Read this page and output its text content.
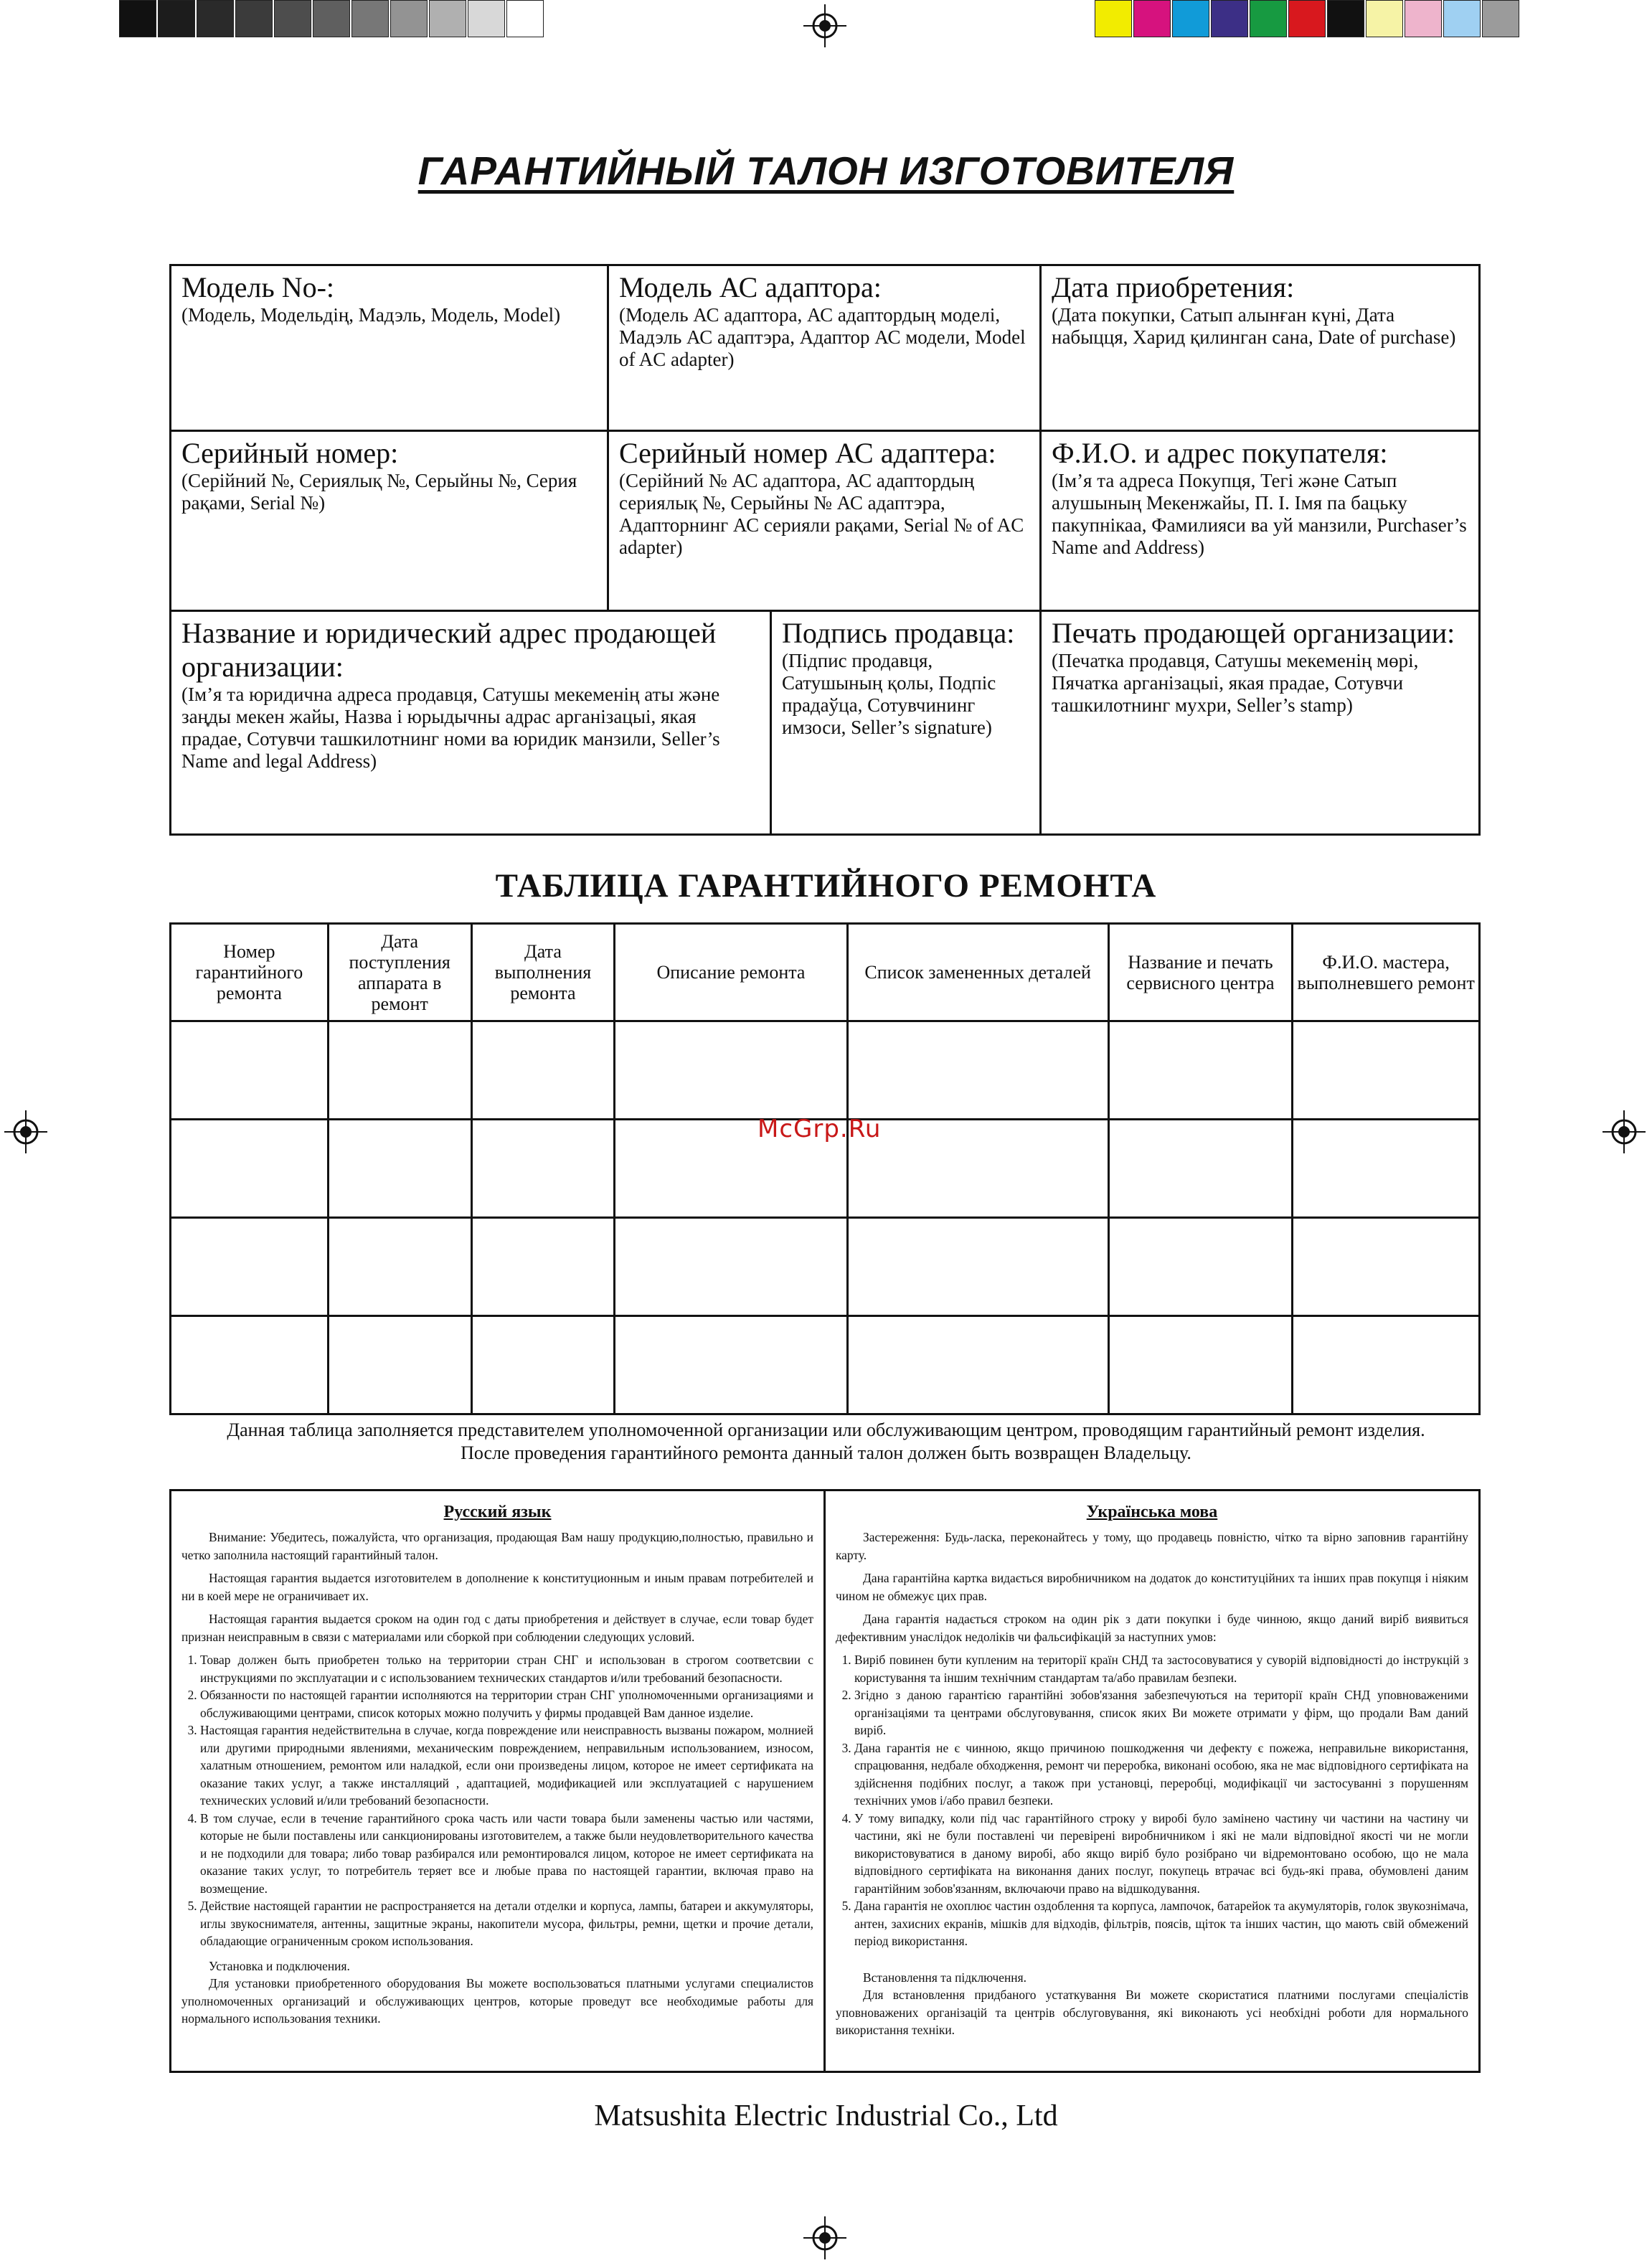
ГАРАНТИЙНЫЙ ТАЛОН ИЗГОТОВИТЕЛЯ
Модель No-:
(Модель, Модельдiң, Мадэль, Модель, Model)
Модель АС адаптора:
(Модель АС адаптора, АС адаптордың моделi, Мадэль АС адаптэра, Адаптор АС модели, Model of AC adapter)
Дата приобретения:
(Дата покупки, Сатып алынған күнi, Дата набыцця, Харид қилинган сана, Date of purchase)
Серийный номер:
(Серійний №, Сериялық №, Серыйны №, Серия рақами, Serial №)
Серийный номер АС адаптера:
(Серійний № АС адаптора, АС адаптордың сериялық №, Серыйны № АС адаптэра, Адапторнинг АС серияли рақами, Serial № of AC adapter)
Ф.И.О. и адрес покупателя:
(Ім’я та адреса Покупця, Тегi және Сатып алушының Мекенжайы, П. І. Імя па бацьку пакупнікаа, Фамилияси ва уй манзили, Purchaser’s Name and Address)
Название и юридический адрес продающей организации:
(Ім’я та юридична адреса продавця, Сатушы мекеменiң аты және заңды мекен жайы, Назва i юрыдычны адрас арганiзацыi, якая прадае, Сотувчи ташкилотнинг номи ва юридик манзили, Seller’s Name and legal Address)
Подпись продавца:
(Підпис продавця, Сатушының қолы, Подпiс прадаўца, Сотувчининг имзоси, Seller’s signature)
Печать продающей организации:
(Печатка продавця, Сатушы мекеменiң мөрi, Пячатка арганiзацыi, якая прадае, Сотувчи ташкилотнинг мухри, Seller’s stamp)
ТАБЛИЦА ГАРАНТИЙНОГО РЕМОНТА
Номер гарантийного ремонта	Дата поступления аппарата в ремонт	Дата выполнения ремонта	Описание ремонта	Список замененных деталей	Название и печать сервисного центра	Ф.И.О. мастера, выполневшего ремонт

McGrp.Ru
Данная таблица заполняется представителем уполномоченной организации или обслуживающим центром, проводящим гарантийный ремонт изделия.
После проведения гарантийного ремонта данный талон должен быть возвращен Владельцу.
Русский язык

Внимание: Убедитесь, пожалуйста, что организация, продающая Вам нашу продукцию,полностью, правильно и четко заполнила настоящий гарантийный талон.

Настоящая гарантия выдается изготовителем в дополнение к конституционным и иным правам потребителей и ни в коей мере не ограничивает их.

Настоящая гарантия выдается сроком на один год с даты приобретения и действует в случае, если товар будет признан неисправным в связи с материалами или сборкой при соблюдении следующих условий.

1. Товар должен быть приобретен только на территории стран СНГ и использован в строгом соответсвии с инструкциями по эксплуатации и с использованием технических стандартов и/или требований безопасности.
2. Обязанности по настоящей гарантии исполняются на территории стран СНГ уполномоченными организациями и обслуживающими центрами, список которых можно получить у фирмы продавцей Вам данное изделие.
3. Настоящая гарантия недействительна в случае, когда повреждение или неисправность вызваны пожаром, молнией или другими природными явлениями, механическим повреждением, неправильным использованием, износом, халатным отношением, ремонтом или наладкой, если они произведены лицом, которое не имеет сертификата на оказание таких услуг, а также инсталляций , адаптацией, модификацией или эксплуатацией с нарушением технических условий и/или требований безопасности.
4. В том случае, если в течение гарантийного срока часть или части товара были заменены частью или частями, которые не были поставлены или санкционированы изготовителем, а также были неудовлетворительного качества и не подходили для товара; либо товар разбирался или ремонтировался лицом, которое не имеет сертификата на оказание таких услуг, то потребитель теряет все и любые права по настоящей гарантии, включая право на возмещение.
5. Действие настоящей гарантии не распространяется на детали отделки и корпуса, лампы, батареи и аккумуляторы, иглы звукоснимателя, антенны, защитные экраны, накопители мусора, фильтры, ремни, щетки и прочие детали, обладающие ограниченным сроком использования.
Установка и подключения.
Для установки приобретенного оборудования Вы можете воспользоваться платными услугами специалистов уполномоченных организаций и обслуживающих центров, которые проведут все необходимые работы для нормального использования техники.
Українська мова

Застереження: Будь-ласка, переконайтесь у тому, що продавець повністю, чітко та вірно заповнив гарантійну карту.

Дана гарантійна картка видається виробничником на додаток до конституційних та інших прав покупця і ніяким чином не обмежує цих прав.

Дана гарантія надається строком на один рік з дати покупки і буде чинною, якщо даний виріб виявиться дефективним унаслідок недоліків чи фальсифікацій за наступних умов:

1. Виріб повинен бути купленим на території країн СНД та застосовуватися у суворій відповідності до інструкцій з користування та іншим технічним стандартам та/або правилам безпеки.
2. Згідно з даною гарантією гарантійні зобов'язання забезпечуються на території країн СНД уповноваженими організаціями та центрами обслуговування, список яких Ви можете отримати у фірм, що продали Вам даний виріб.
3. Дана гарантія не є чинною, якщо причиною пошкодження чи дефекту є пожежа, неправильне використання, спрацювання, недбале обходження, ремонт чи переробка, виконані особою, яка не має відповідного сертифіката на здійснення подібних послуг, а також при установці, переробці, модифікації чи застосуванні з порушенням технічних умов і/або правил безпеки.
4. У тому випадку, коли під час гарантійного строку у виробі було замінено частину чи частини на частину чи частини, які не були поставлені чи перевірені виробничником і які не мали відповідної якості чи не могли використовуватися в даному виробі, або якщо виріб було розібрано чи відремонтовано особою, що не мала відповідного сертифіката на виконання даних послуг, покупець втрачає всі будь-які права, обумовлені даним гарантійним зобов'язанням, включаючи право на відшкодування.
5. Дана гарантія не охоплює частин оздоблення та корпуса, лампочок, батарейок та акумуляторів, голок звукознімача, антен, захисних екранів, мішків для відходів, фільтрів, поясів, щіток та інших частин, що мають свій обмежений період використання.
Встановлення та підключення.
Для встановлення придбаного устаткування Ви можете скористатися платними послугами спеціалістів уповноважених організацій та центрів обслуговування, які виконають усі необхідні роботи для нормального використання техніки.
Matsushita Electric Industrial Co., Ltd
